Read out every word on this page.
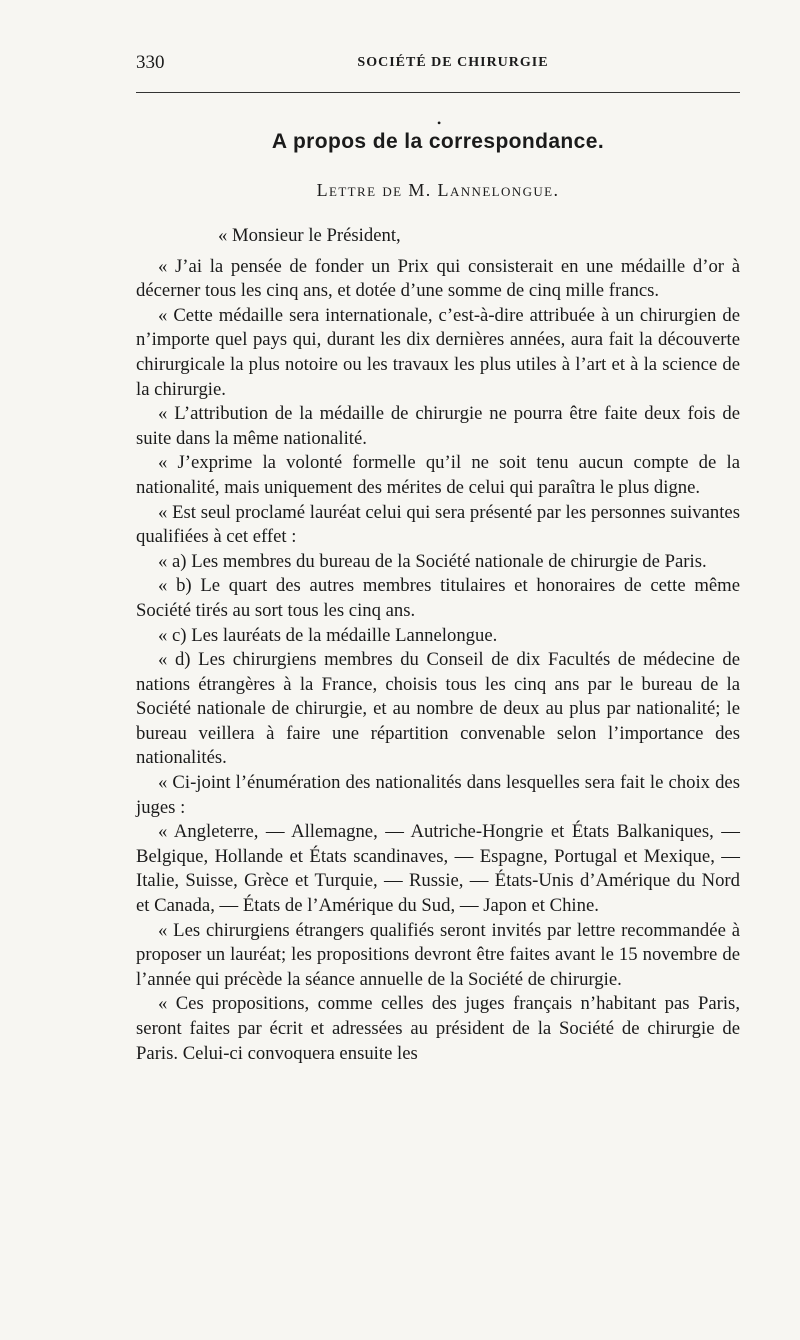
330	SOCIÉTÉ DE CHIRURGIE
•
A propos de la correspondance.
Lettre de M. Lannelongue.

« Monsieur le Président,

« J’ai la pensée de fonder un Prix qui consisterait en une médaille d’or à décerner tous les cinq ans, et dotée d’une somme de cinq mille francs.

« Cette médaille sera internationale, c’est-à-dire attribuée à un chirurgien de n’importe quel pays qui, durant les dix dernières années, aura fait la découverte chirurgicale la plus notoire ou les travaux les plus utiles à l’art et à la science de la chirurgie.

« L’attribution de la médaille de chirurgie ne pourra être faite deux fois de suite dans la même nationalité.

« J’exprime la volonté formelle qu’il ne soit tenu aucun compte de la nationalité, mais uniquement des mérites de celui qui paraîtra le plus digne.

« Est seul proclamé lauréat celui qui sera présenté par les personnes suivantes qualifiées à cet effet :

« a) Les membres du bureau de la Société nationale de chirurgie de Paris.

« b) Le quart des autres membres titulaires et honoraires de cette même Société tirés au sort tous les cinq ans.

« c) Les lauréats de la médaille Lannelongue.

« d) Les chirurgiens membres du Conseil de dix Facultés de médecine de nations étrangères à la France, choisis tous les cinq ans par le bureau de la Société nationale de chirurgie, et au nombre de deux au plus par nationalité; le bureau veillera à faire une répartition convenable selon l’importance des nationalités.

« Ci-joint l’énumération des nationalités dans lesquelles sera fait le choix des juges :

« Angleterre, — Allemagne, — Autriche-Hongrie et États Balkaniques, — Belgique, Hollande et États scandinaves, — Espagne, Portugal et Mexique, — Italie, Suisse, Grèce et Turquie, — Russie, — États-Unis d’Amérique du Nord et Canada, — États de l’Amérique du Sud, — Japon et Chine.

« Les chirurgiens étrangers qualifiés seront invités par lettre recommandée à proposer un lauréat; les propositions devront être faites avant le 15 novembre de l’année qui précède la séance annuelle de la Société de chirurgie.

« Ces propositions, comme celles des juges français n’habitant pas Paris, seront faites par écrit et adressées au président de la Société de chirurgie de Paris. Celui-ci convoquera ensuite les
